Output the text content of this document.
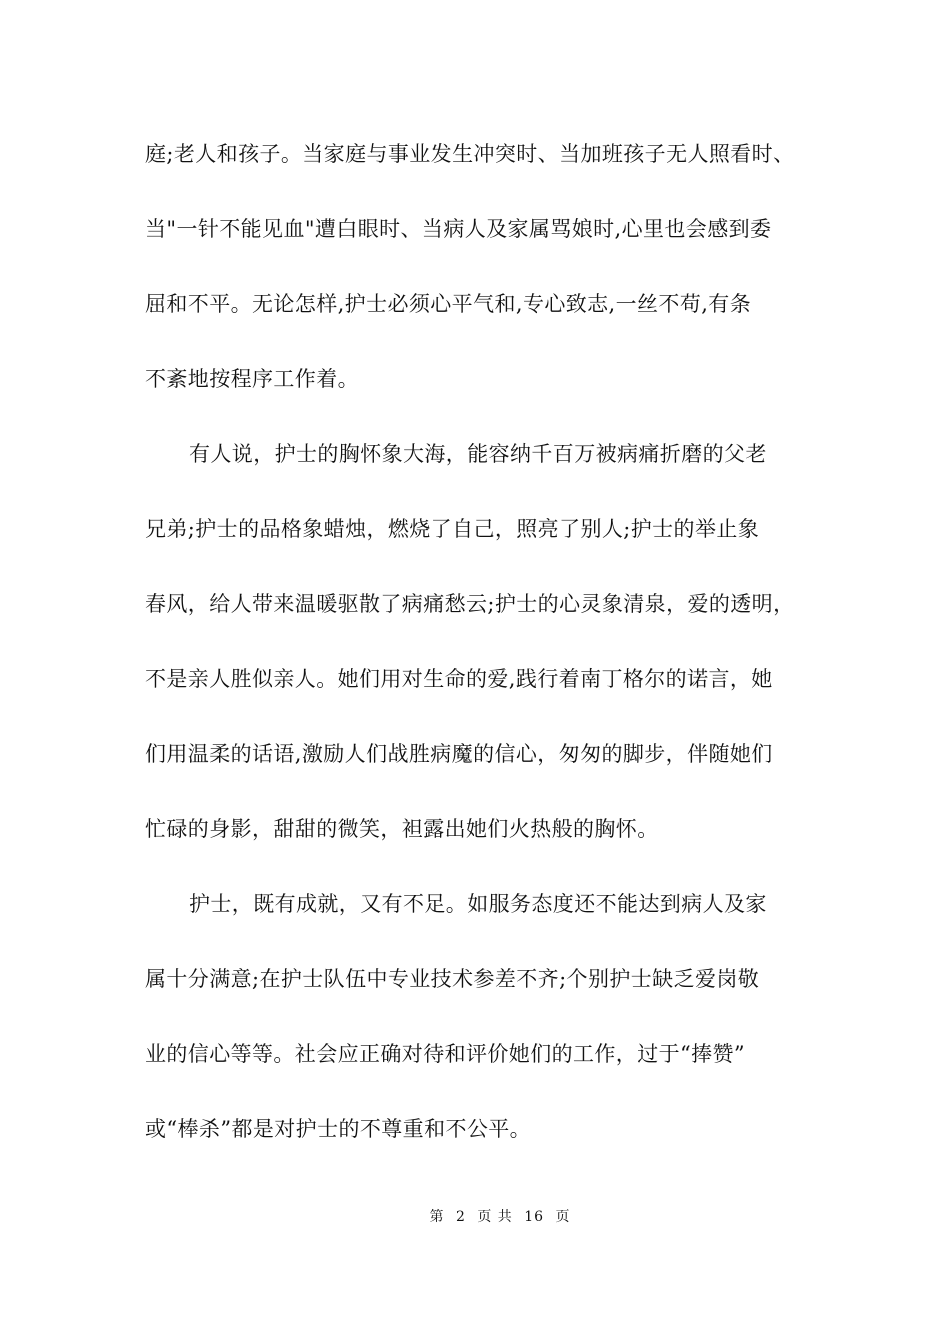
庭;老人和孩子。当家庭与事业发生冲突时、当加班孩子无人照看时、
当"一针不能见血"遭白眼时、当病人及家属骂娘时,心里也会感到委
屈和不平。无论怎样,护士必须心平气和,专心致志,一丝不苟,有条
不紊地按程序工作着。
有人说，护士的胸怀象大海，能容纳千百万被病痛折磨的父老
兄弟;护士的品格象蜡烛，燃烧了自己，照亮了别人;护士的举止象
春风，给人带来温暖驱散了病痛愁云;护士的心灵象清泉，爱的透明，
不是亲人胜似亲人。她们用对生命的爱,践行着南丁格尔的诺言，她
们用温柔的话语,激励人们战胜病魔的信心，匆匆的脚步，伴随她们
忙碌的身影，甜甜的微笑，袒露出她们火热般的胸怀。
护士，既有成就，又有不足。如服务态度还不能达到病人及家
属十分满意;在护士队伍中专业技术参差不齐;个别护士缺乏爱岗敬
业的信心等等。社会应正确对待和评价她们的工作，过于“捧赞”
或“棒杀”都是对护士的不尊重和不公平。
第 2 页 共 16 页
